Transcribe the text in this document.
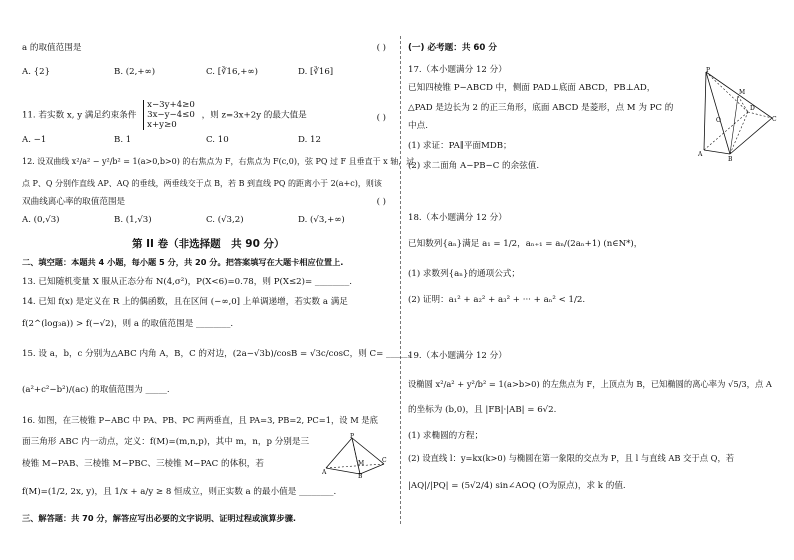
a 的取值范围是	( )
A. {2}	B. (2,+∞)	C. [∛16,+∞)	D. [∛16]
11. 若实数 x, y 满足约束条件
x−3y+4≥0
3x−y−4≤0
x+y≥0
，则 z=3x+2y 的最大值是	( )
A. −1	B. 1	C. 10	D. 12
12. 设双曲线 x²/a² − y²/b² = 1(a>0,b>0) 的右焦点为 F，右焦点为 F(c,0)，弦 PQ 过 F 且垂直于 x 轴，过
点 P、Q 分别作直线 AP、AQ 的垂线，两垂线交于点 B，若 B 到直线 PQ 的距离小于 2(a+c)，则该
双曲线离心率的取值范围是	( )
A. (0,√3)	B. (1,√3)	C. (√3,2)	D. (√3,+∞)
第 II 卷（非选择题　共 90 分）
二、填空题：本题共 4 小题，每小题 5 分，共 20 分。把答案填写在大题卡相应位置上.
13. 已知随机变量 X 服从正态分布 N(4,σ²)，P(X<6)=0.78，则 P(X≤2)= ________.
14. 已知 f(x) 是定义在 R 上的偶函数，且在区间 (−∞,0] 上单调递增，若实数 a 满足
f(2^(log₃a)) > f(−√2)，则 a 的取值范围是 ________.
15. 设 a，b，c 分别为△ABC 内角 A，B，C 的对边，(2a−√3b)/cosB = √3c/cosC，则 C= _____，
(a²+c²−b²)/(ac) 的取值范围为 _____.
16. 如图，在三棱锥 P−ABC 中 PA、PB、PC 两两垂直，且 PA=3, PB=2, PC=1，设 M 是底
面三角形 ABC 内一动点，定义：f(M)=(m,n,p)，其中 m，n，p 分别是三
棱锥 M−PAB、三棱锥 M−PBC、三棱锥 M−PAC 的体积，若
f(M)=(1/2, 2x, y)，且 1/x + a/y ≥ 8 恒成立，则正实数 a 的最小值是 ________.
P
A
B
C
M
三、解答题：共 70 分，解答应写出必要的文字说明、证明过程或演算步骤.
(一) 必考题：共 60 分
17.（本小题满分 12 分）
已知四棱锥 P−ABCD 中，侧面 PAD⊥底面 ABCD，PB⊥AD，
△PAD 是边长为 2 的正三角形，底面 ABCD 是菱形，点 M 为 PC 的
中点.
(1) 求证：PA∥平面MDB；
(2) 求二面角 A−PB−C 的余弦值.
P
M
A
B
C
D
O
18.（本小题满分 12 分）
已知数列{aₙ}满足 a₁ = 1/2，aₙ₊₁ = aₙ/(2aₙ+1) (n∈N*)，
(1) 求数列{aₙ}的通项公式；
(2) 证明：a₁² + a₂² + a₃² + ··· + aₙ² < 1/2.
19.（本小题满分 12 分）
设椭圆 x²/a² + y²/b² = 1(a>b>0) 的左焦点为 F，上顶点为 B，已知椭圆的离心率为 √5/3，点 A
的坐标为 (b,0)，且 |FB|·|AB| = 6√2.
(1) 求椭圆的方程；
(2) 设直线 l：y=kx(k>0) 与椭圆在第一象限的交点为 P，且 l 与直线 AB 交于点 Q，若
|AQ|/|PQ| = (5√2/4) sin∠AOQ (O为原点)，求 k 的值.
